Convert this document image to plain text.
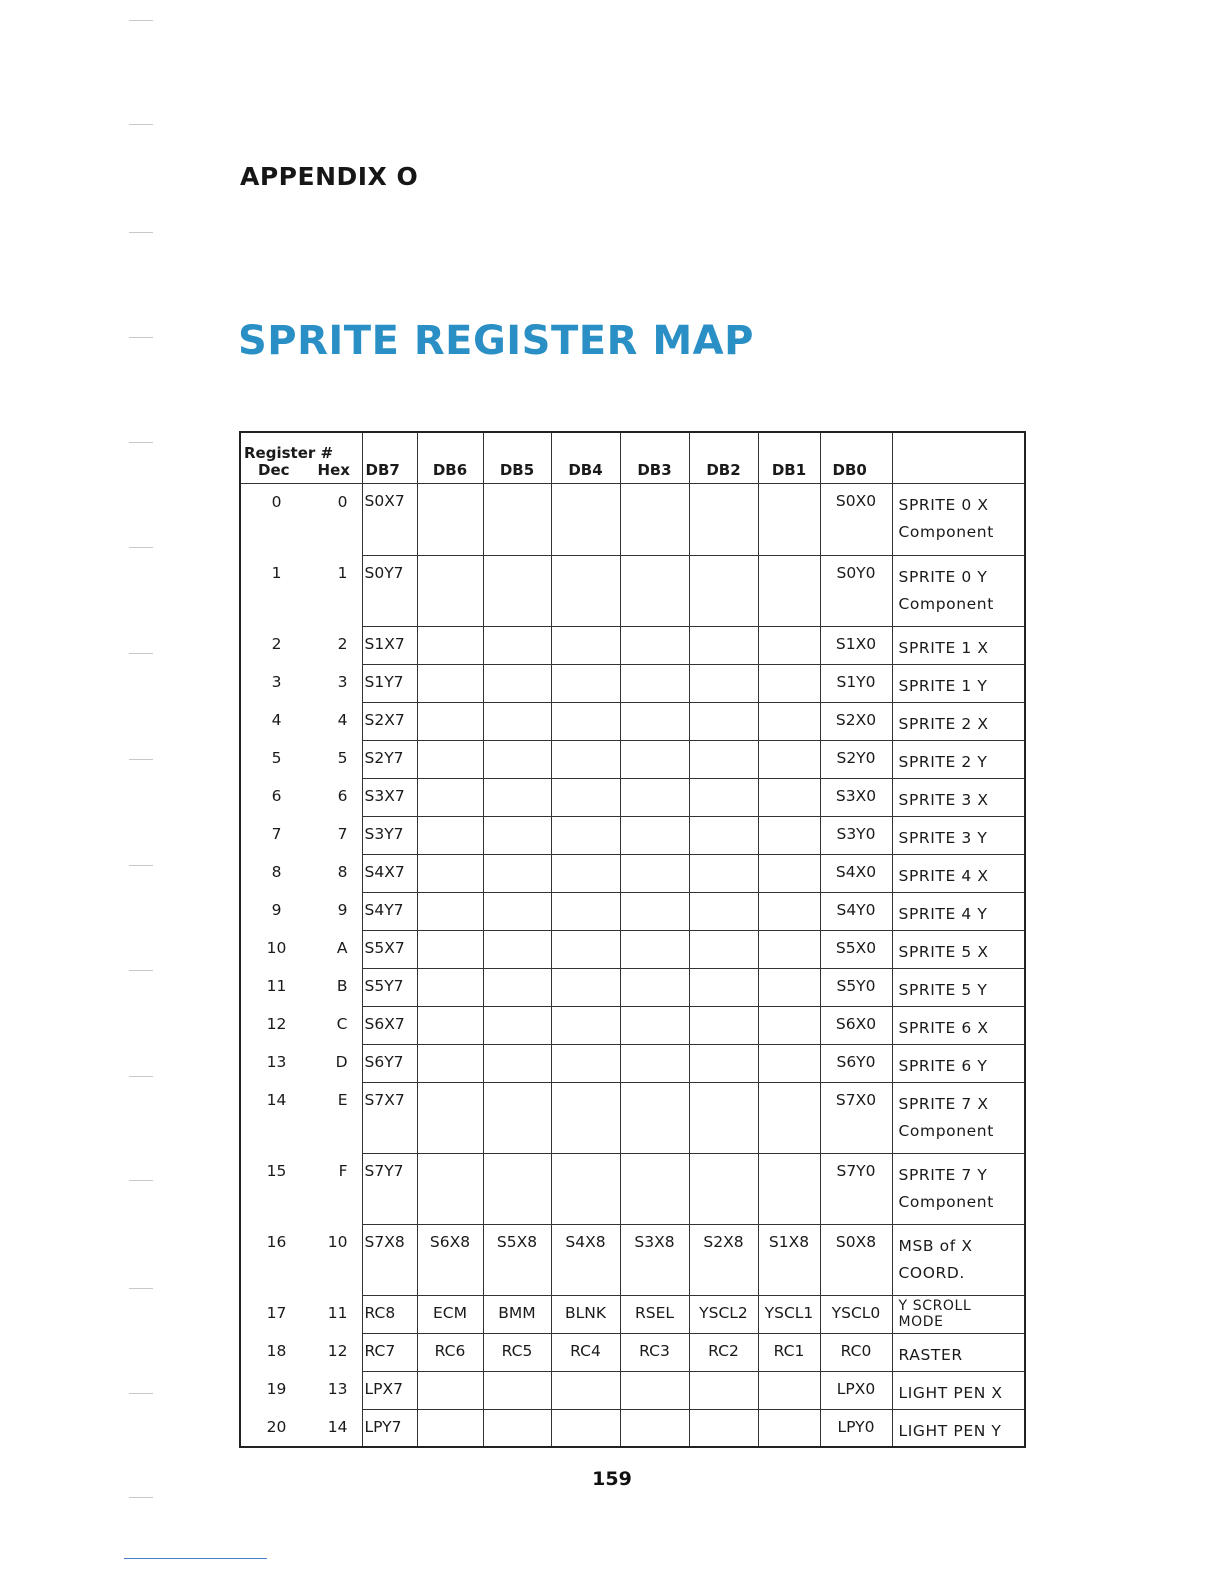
APPENDIX O
SPRITE REGISTER MAP
Register #
Dec Hex		DB7	DB6	DB5	DB4	DB3	DB2	DB1	DB0	
0	0	S0X7							S0X0	SPRITE 0 X
Component

1	1	S0Y7							S0Y0	SPRITE 0 Y
Component

2	2	S1X7							S1X0	SPRITE 1 X

3	3	S1Y7							S1Y0	SPRITE 1 Y

4	4	S2X7							S2X0	SPRITE 2 X

5	5	S2Y7							S2Y0	SPRITE 2 Y

6	6	S3X7							S3X0	SPRITE 3 X

7	7	S3Y7							S3Y0	SPRITE 3 Y

8	8	S4X7							S4X0	SPRITE 4 X

9	9	S4Y7							S4Y0	SPRITE 4 Y

10	A	S5X7							S5X0	SPRITE 5 X

11	B	S5Y7							S5Y0	SPRITE 5 Y

12	C	S6X7							S6X0	SPRITE 6 X

13	D	S6Y7							S6Y0	SPRITE 6 Y

14	E	S7X7							S7X0	SPRITE 7 X
Component

15	F	S7Y7							S7Y0	SPRITE 7 Y
Component

16	10	S7X8	S6X8	S5X8	S4X8	S3X8	S2X8	S1X8	S0X8	MSB of X
COORD.

17	11	RC8	ECM	BMM	BLNK	RSEL	YSCL2	YSCL1	YSCL0	Y SCROLL
MODE

18	12	RC7	RC6	RC5	RC4	RC3	RC2	RC1	RC0	RASTER

19	13	LPX7							LPX0	LIGHT PEN X

20	14	LPY7							LPY0	LIGHT PEN Y
159
